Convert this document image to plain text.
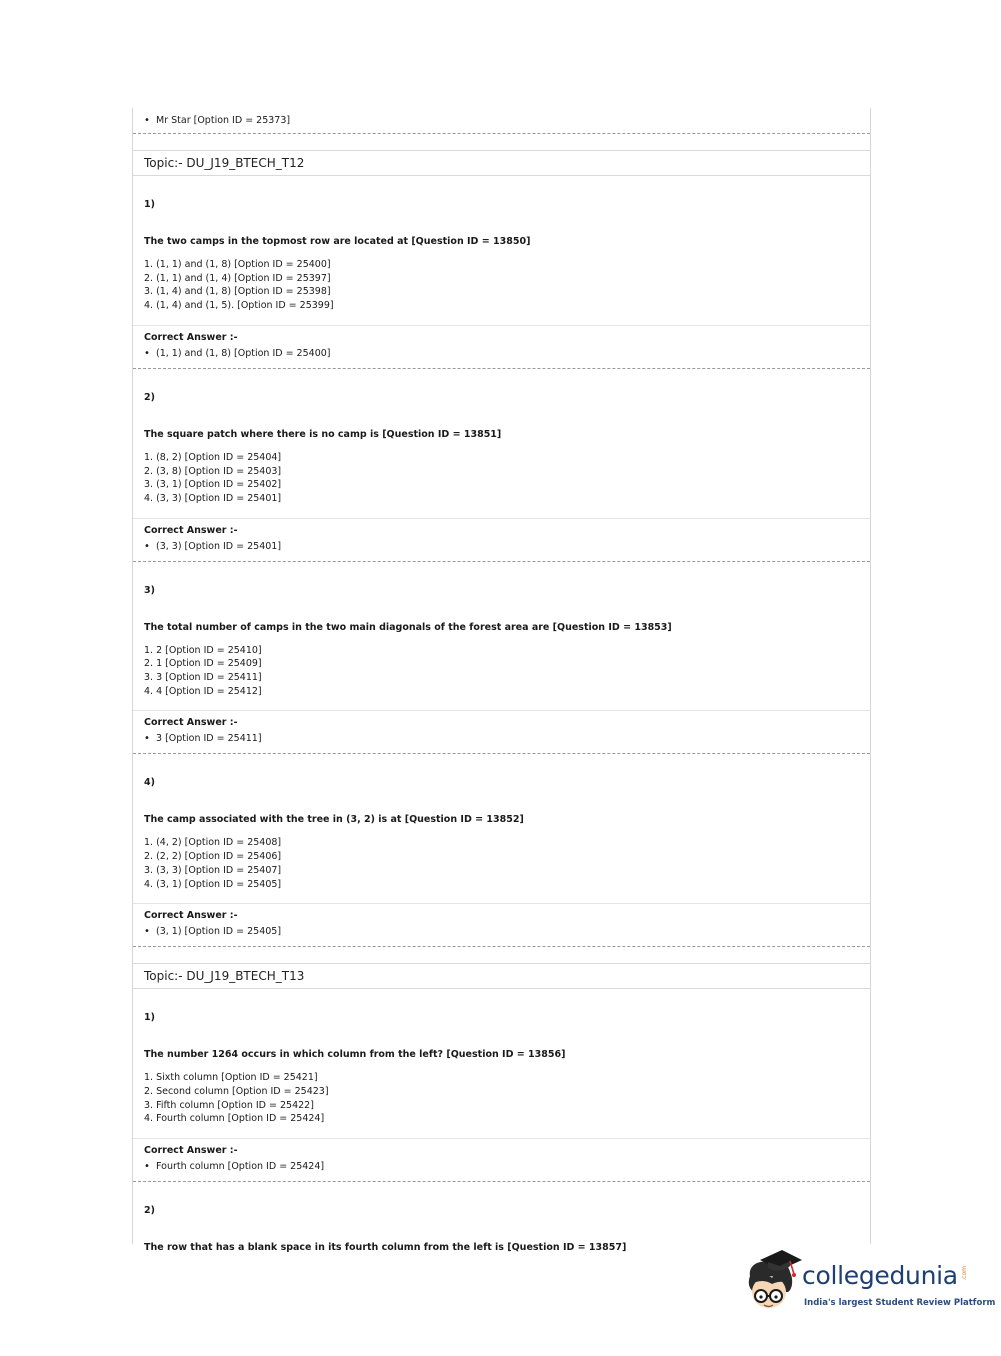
• Mr Star [Option ID = 25373]
Topic:- DU_J19_BTECH_T12
1)
The two camps in the topmost row are located at [Question ID = 13850]
1. (1, 1) and (1, 8) [Option ID = 25400]
2. (1, 1) and (1, 4) [Option ID = 25397]
3. (1, 4) and (1, 8) [Option ID = 25398]
4. (1, 4) and (1, 5). [Option ID = 25399]
Correct Answer :-
• (1, 1) and (1, 8) [Option ID = 25400]
2)
The square patch where there is no camp is [Question ID = 13851]
1. (8, 2) [Option ID = 25404]
2. (3, 8) [Option ID = 25403]
3. (3, 1) [Option ID = 25402]
4. (3, 3) [Option ID = 25401]
Correct Answer :-
• (3, 3) [Option ID = 25401]
3)
The total number of camps in the two main diagonals of the forest area are [Question ID = 13853]
1. 2 [Option ID = 25410]
2. 1 [Option ID = 25409]
3. 3 [Option ID = 25411]
4. 4 [Option ID = 25412]
Correct Answer :-
• 3 [Option ID = 25411]
4)
The camp associated with the tree in (3, 2) is at [Question ID = 13852]
1. (4, 2) [Option ID = 25408]
2. (2, 2) [Option ID = 25406]
3. (3, 3) [Option ID = 25407]
4. (3, 1) [Option ID = 25405]
Correct Answer :-
• (3, 1) [Option ID = 25405]
Topic:- DU_J19_BTECH_T13
1)
The number 1264 occurs in which column from the left? [Question ID = 13856]
1. Sixth column [Option ID = 25421]
2. Second column [Option ID = 25423]
3. Fifth column [Option ID = 25422]
4. Fourth column [Option ID = 25424]
Correct Answer :-
• Fourth column [Option ID = 25424]
2)
The row that has a blank space in its fourth column from the left is [Question ID = 13857]
collegedunia .com
India's largest Student Review Platform
